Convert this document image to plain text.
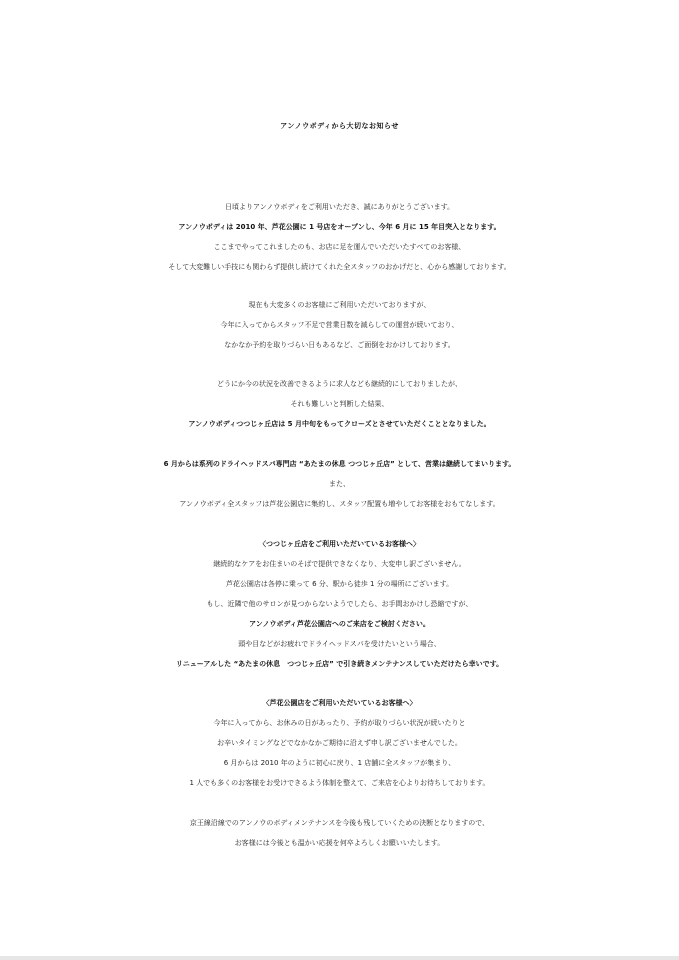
アンノウボディから大切なお知らせ

日頃よりアンノウボディをご利用いただき、誠にありがとうございます。

アンノウボディは 2010 年、芦花公園に 1 号店をオープンし、今年 6 月に 15 年目突入となります。

ここまでやってこれましたのも、お店に足を運んでいただいたすべてのお客様、

そして大変難しい手技にも関わらず提供し続けてくれた全スタッフのおかげだと、心から感謝しております。

現在も大変多くのお客様にご利用いただいておりますが、

今年に入ってからスタッフ不足で営業日数を減らしての運営が続いており、

なかなか予約を取りづらい日もあるなど、ご面倒をおかけしております。

どうにか今の状況を改善できるように求人なども継続的にしておりましたが、

それも難しいと判断した結果、

アンノウボディつつじヶ丘店は 5 月中旬をもってクローズとさせていただくこととなりました。

6 月からは系列のドライヘッドスパ専門店 “あたまの休息 つつじヶ丘店” として、営業は継続してまいります。

また、

アンノウボディ全スタッフは芦花公園店に集約し、スタッフ配置も増やしてお客様をおもてなします。

〈つつじヶ丘店をご利用いただいているお客様へ〉

継続的なケアをお住まいのそばで提供できなくなり、大変申し訳ございません。

芦花公園店は各停に乗って 6 分、駅から徒歩 1 分の場所にございます。

もし、近隣で他のサロンが見つからないようでしたら、お手間おかけし恐縮ですが、

アンノウボディ芦花公園店へのご来店をご検討ください。

頭や目などがお疲れでドライヘッドスパを受けたいという場合、

リニューアルした “あたまの休息　つつじヶ丘店” で引き続きメンテナンスしていただけたら幸いです。

〈芦花公園店をご利用いただいているお客様へ〉

今年に入ってから、お休みの日があったり、予約が取りづらい状況が続いたりと

お辛いタイミングなどでなかなかご期待に沿えず申し訳ございませんでした。

6 月からは 2010 年のように初心に戻り、1 店舗に全スタッフが集まり、

1 人でも多くのお客様をお受けできるよう体制を整えて、ご来店を心よりお待ちしております。

京王線沿線でのアンノウのボディメンテナンスを今後も残していくための決断となりますので、

お客様には今後とも温かい応援を何卒よろしくお願いいたします。
